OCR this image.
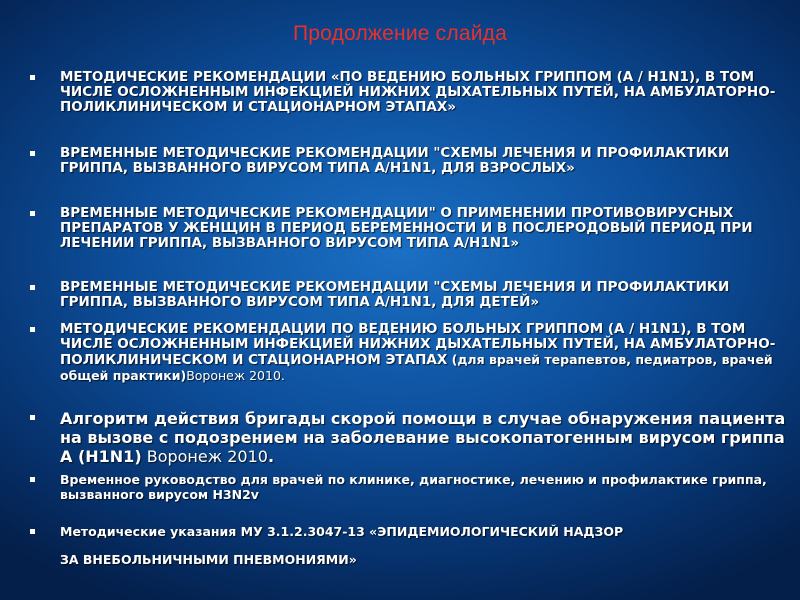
Продолжение слайда
МЕТОДИЧЕСКИЕ РЕКОМЕНДАЦИИ «ПО ВЕДЕНИЮ БОЛЬНЫХ ГРИППОМ (A / H1N1), В ТОМ ЧИСЛЕ ОСЛОЖНЕННЫМ ИНФЕКЦИЕЙ НИЖНИХ ДЫХАТЕЛЬНЫХ ПУТЕЙ, НА АМБУЛАТОРНО-ПОЛИКЛИНИЧЕСКОМ И СТАЦИОНАРНОМ ЭТАПАХ»
ВРЕМЕННЫЕ МЕТОДИЧЕСКИЕ РЕКОМЕНДАЦИИ "СХЕМЫ ЛЕЧЕНИЯ И ПРОФИЛАКТИКИ ГРИППА, ВЫЗВАННОГО ВИРУСОМ ТИПА А/H1N1, ДЛЯ ВЗРОСЛЫХ»
ВРЕМЕННЫЕ МЕТОДИЧЕСКИЕ РЕКОМЕНДАЦИИ" О ПРИМЕНЕНИИ ПРОТИВОВИРУСНЫХ ПРЕПАРАТОВ У ЖЕНЩИН В ПЕРИОД БЕРЕМЕННОСТИ И В ПОСЛЕРОДОВЫЙ ПЕРИОД ПРИ ЛЕЧЕНИИ ГРИППА, ВЫЗВАННОГО ВИРУСОМ ТИПА А/H1N1»
ВРЕМЕННЫЕ МЕТОДИЧЕСКИЕ РЕКОМЕНДАЦИИ "СХЕМЫ ЛЕЧЕНИЯ И ПРОФИЛАКТИКИ ГРИППА, ВЫЗВАННОГО ВИРУСОМ ТИПА А/H1N1, ДЛЯ ДЕТЕЙ»
МЕТОДИЧЕСКИЕ РЕКОМЕНДАЦИИ ПО ВЕДЕНИЮ БОЛЬНЫХ ГРИППОМ (A / H1N1), В ТОМ ЧИСЛЕ ОСЛОЖНЕННЫМ ИНФЕКЦИЕЙ НИЖНИХ ДЫХАТЕЛЬНЫХ ПУТЕЙ, НА АМБУЛАТОРНО-ПОЛИКЛИНИЧЕСКОМ И СТАЦИОНАРНОМ ЭТАПАХ (для врачей терапевтов, педиатров, врачей общей практики)Воронеж 2010.
Алгоритм действия бригады скорой помощи в случае обнаружения пациента на вызове с подозрением на заболевание высокопатогенным вирусом гриппа А (Н1N1) Воронеж 2010.
Временное руководство для врачей по клинике, диагностике, лечению и профилактике гриппа, вызванного вирусом H3N2v
Методические указания МУ 3.1.2.3047-13 «ЭПИДЕМИОЛОГИЧЕСКИЙ НАДЗОР
ЗА ВНЕБОЛЬНИЧНЫМИ ПНЕВМОНИЯМИ»
